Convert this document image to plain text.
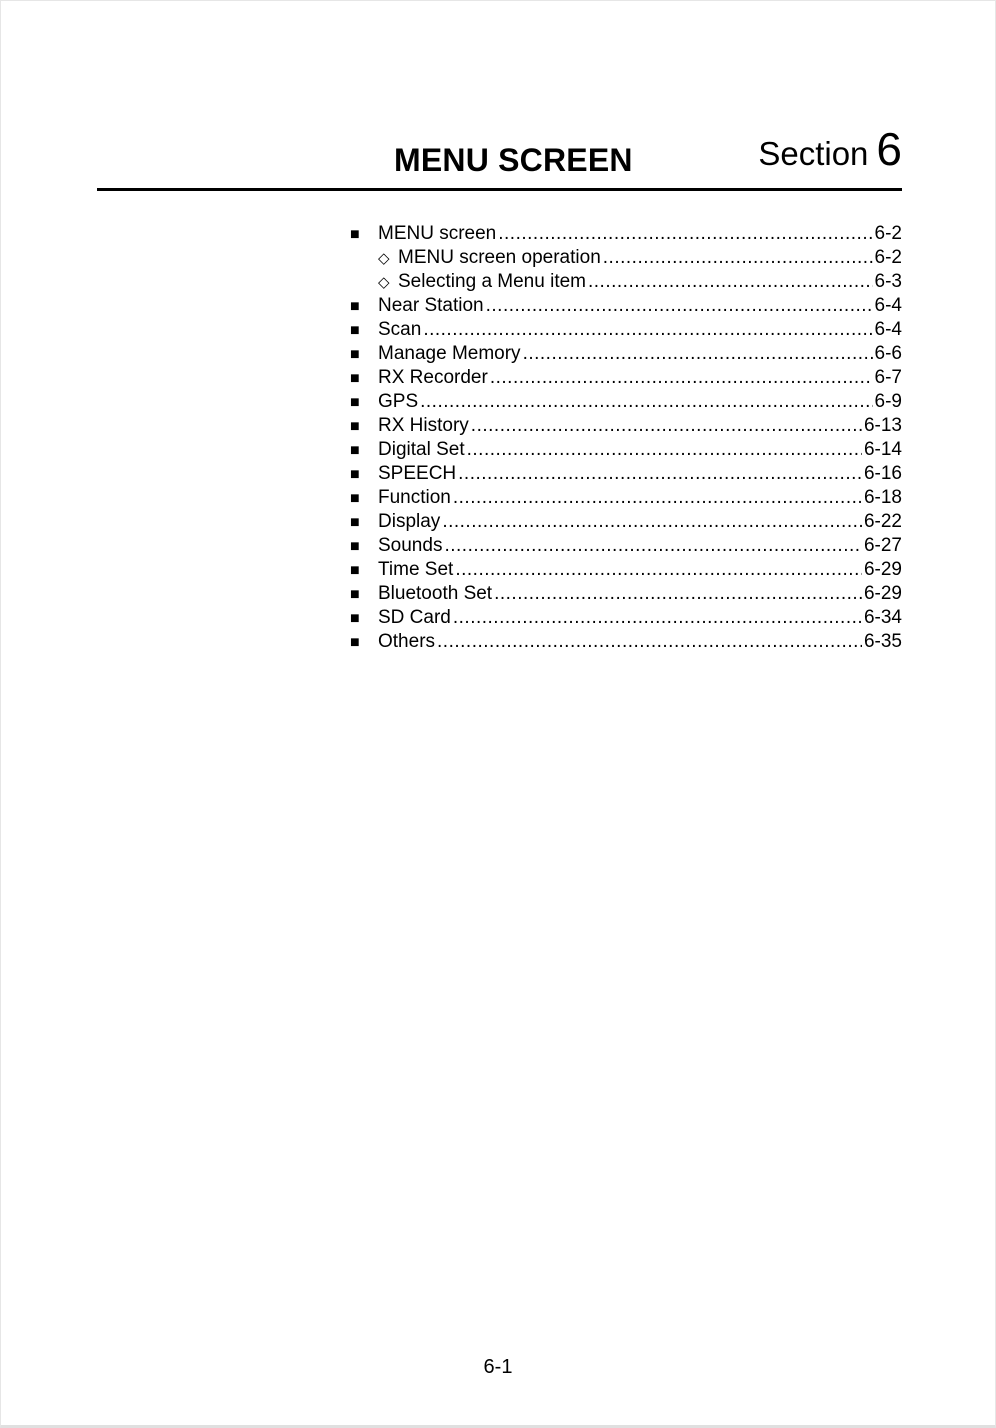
MENU SCREEN	Section 6
■ MENU screen .....	6-2
◇ MENU screen operation .....	6-2
◇ Selecting a Menu item .....	6-3
■ Near Station .....	6-4
■ Scan .....	6-4
■ Manage Memory .....	6-6
■ RX Recorder .....	6-7
■ GPS .....	6-9
■ RX History .....	6-13
■ Digital Set .....	6-14
■ SPEECH .....	6-16
■ Function .....	6-18
■ Display .....	6-22
■ Sounds .....	6-27
■ Time Set .....	6-29
■ Bluetooth Set .....	6-29
■ SD Card .....	6-34
■ Others .....	6-35
6-1
